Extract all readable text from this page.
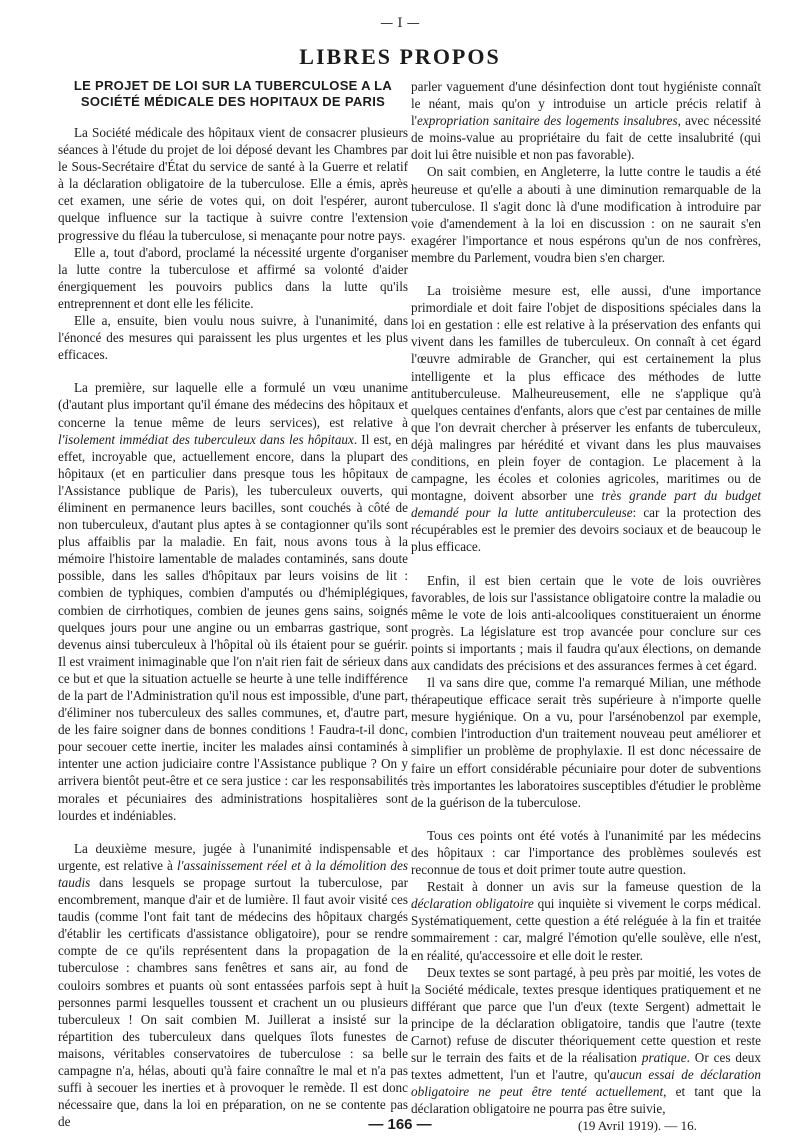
— I —
LIBRES PROPOS
LE PROJET DE LOI SUR LA TUBERCULOSE A LA SOCIÉTÉ MÉDICALE DES HOPITAUX DE PARIS

La Société médicale des hôpitaux vient de consacrer plusieurs séances à l'étude du projet de loi déposé devant les Chambres par le Sous-Secrétaire d'État du service de santé à la Guerre et relatif à la déclaration obligatoire de la tuberculose. Elle a émis, après cet examen, une série de votes qui, on doit l'espérer, auront quelque influence sur la tactique à suivre contre l'extension progressive du fléau la tuberculose, si menaçante pour notre pays.

Elle a, tout d'abord, proclamé la nécessité urgente d'organiser la lutte contre la tuberculose et affirmé sa volonté d'aider énergiquement les pouvoirs publics dans la lutte qu'ils entreprennent et dont elle les félicite.

Elle a, ensuite, bien voulu nous suivre, à l'unanimité, dans l'énoncé des mesures qui paraissent les plus urgentes et les plus efficaces.

La première, sur laquelle elle a formulé un vœu unanime (d'autant plus important qu'il émane des médecins des hôpitaux et concerne la tenue même de leurs services), est relative à l'isolement immédiat des tuberculeux dans les hôpitaux. Il est, en effet, incroyable que, actuellement encore, dans la plupart des hôpitaux (et en particulier dans presque tous les hôpitaux de l'Assistance publique de Paris), les tuberculeux ouverts, qui éliminent en permanence leurs bacilles, sont couchés à côté de non tuberculeux, d'autant plus aptes à se contagionner qu'ils sont plus affaiblis par la maladie. En fait, nous avons tous à la mémoire l'histoire lamentable de malades contaminés, sans doute possible, dans les salles d'hôpitaux par leurs voisins de lit : combien de typhiques, combien d'amputés ou d'hémiplégiques, combien de cirrhotiques, combien de jeunes gens sains, soignés quelques jours pour une angine ou un embarras gastrique, sont devenus ainsi tuberculeux à l'hôpital où ils étaient pour se guérir. Il est vraiment inimaginable que l'on n'ait rien fait de sérieux dans ce but et que la situation actuelle se heurte à une telle indifférence de la part de l'Administration qu'il nous est impossible, d'une part, d'éliminer nos tuberculeux des salles communes, et, d'autre part, de les faire soigner dans de bonnes conditions ! Faudra-t-il donc, pour secouer cette inertie, inciter les malades ainsi contaminés à intenter une action judiciaire contre l'Assistance publique ? On y arrivera bientôt peut-être et ce sera justice : car les responsabilités morales et pécuniaires des administrations hospitalières sont lourdes et indéniables.

La deuxième mesure, jugée à l'unanimité indispensable et urgente, est relative à l'assainissement réel et à la démolition des taudis dans lesquels se propage surtout la tuberculose, par encombrement, manque d'air et de lumière. Il faut avoir visité ces taudis (comme l'ont fait tant de médecins des hôpitaux chargés d'établir les certificats d'assistance obligatoire), pour se rendre compte de ce qu'ils représentent dans la propagation de la tuberculose : chambres sans fenêtres et sans air, au fond de couloirs sombres et puants où sont entassées parfois sept à huit personnes parmi lesquelles toussent et crachent un ou plusieurs tuberculeux ! On sait combien M. Juillerat a insisté sur la répartition des tuberculeux dans quelques îlots funestes de maisons, véritables conservatoires de tuberculose : sa belle campagne n'a, hélas, abouti qu'à faire connaître le mal et n'a pas suffi à secouer les inerties et à provoquer le remède. Il est donc nécessaire que, dans la loi en préparation, on ne se contente pas de

parler vaguement d'une désinfection dont tout hygiéniste connaît le néant, mais qu'on y introduise un article précis relatif à l'expropriation sanitaire des logements insalubres, avec nécessité de moins-value au propriétaire du fait de cette insalubrité (qui doit lui être nuisible et non pas favorable).

On sait combien, en Angleterre, la lutte contre le taudis a été heureuse et qu'elle a abouti à une diminution remarquable de la tuberculose. Il s'agit donc là d'une modification à introduire par voie d'amendement à la loi en discussion : on ne saurait s'en exagérer l'importance et nous espérons qu'un de nos confrères, membre du Parlement, voudra bien s'en charger.

La troisième mesure est, elle aussi, d'une importance primordiale et doit faire l'objet de dispositions spéciales dans la loi en gestation : elle est relative à la préservation des enfants qui vivent dans les familles de tuberculeux. On connaît à cet égard l'œuvre admirable de Grancher, qui est certainement la plus intelligente et la plus efficace des méthodes de lutte antituberculeuse. Malheureusement, elle ne s'applique qu'à quelques centaines d'enfants, alors que c'est par centaines de mille que l'on devrait chercher à préserver les enfants de tuberculeux, déjà malingres par hérédité et vivant dans les plus mauvaises conditions, en plein foyer de contagion. Le placement à la campagne, les écoles et colonies agricoles, maritimes ou de montagne, doivent absorber une très grande part du budget demandé pour la lutte antituberculeuse: car la protection des récupérables est le premier des devoirs sociaux et de beaucoup le plus efficace.

Enfin, il est bien certain que le vote de lois ouvrières favorables, de lois sur l'assistance obligatoire contre la maladie ou même le vote de lois anti-alcooliques constitueraient un énorme progrès. La législature est trop avancée pour conclure sur ces points si importants ; mais il faudra qu'aux élections, on demande aux candidats des précisions et des assurances fermes à cet égard.

Il va sans dire que, comme l'a remarqué Milian, une méthode thérapeutique efficace serait très supérieure à n'importe quelle mesure hygiénique. On a vu, pour l'arsénobenzol par exemple, combien l'introduction d'un traitement nouveau peut améliorer et simplifier un problème de prophylaxie. Il est donc nécessaire de faire un effort considérable pécuniaire pour doter de subventions très importantes les laboratoires susceptibles d'étudier le problème de la guérison de la tuberculose.

Tous ces points ont été votés à l'unanimité par les médecins des hôpitaux : car l'importance des problèmes soulevés est reconnue de tous et doit primer toute autre question.

Restait à donner un avis sur la fameuse question de la déclaration obligatoire qui inquiète si vivement le corps médical. Systématiquement, cette question a été reléguée à la fin et traitée sommairement : car, malgré l'émotion qu'elle soulève, elle n'est, en réalité, qu'accessoire et elle doit le rester.

Deux textes se sont partagé, à peu près par moitié, les votes de la Société médicale, textes presque identiques pratiquement et ne différant que parce que l'un d'eux (texte Sergent) admettait le principe de la déclaration obligatoire, tandis que l'autre (texte Carnot) refuse de discuter théoriquement cette question et reste sur le terrain des faits et de la réalisation pratique. Or ces deux textes admettent, l'un et l'autre, qu'aucun essai de déclaration obligatoire ne peut être tenté actuellement, et tant que la déclaration obligatoire ne pourra pas être suivie,

— 166 —	(19 Avril 1919). — 16.
